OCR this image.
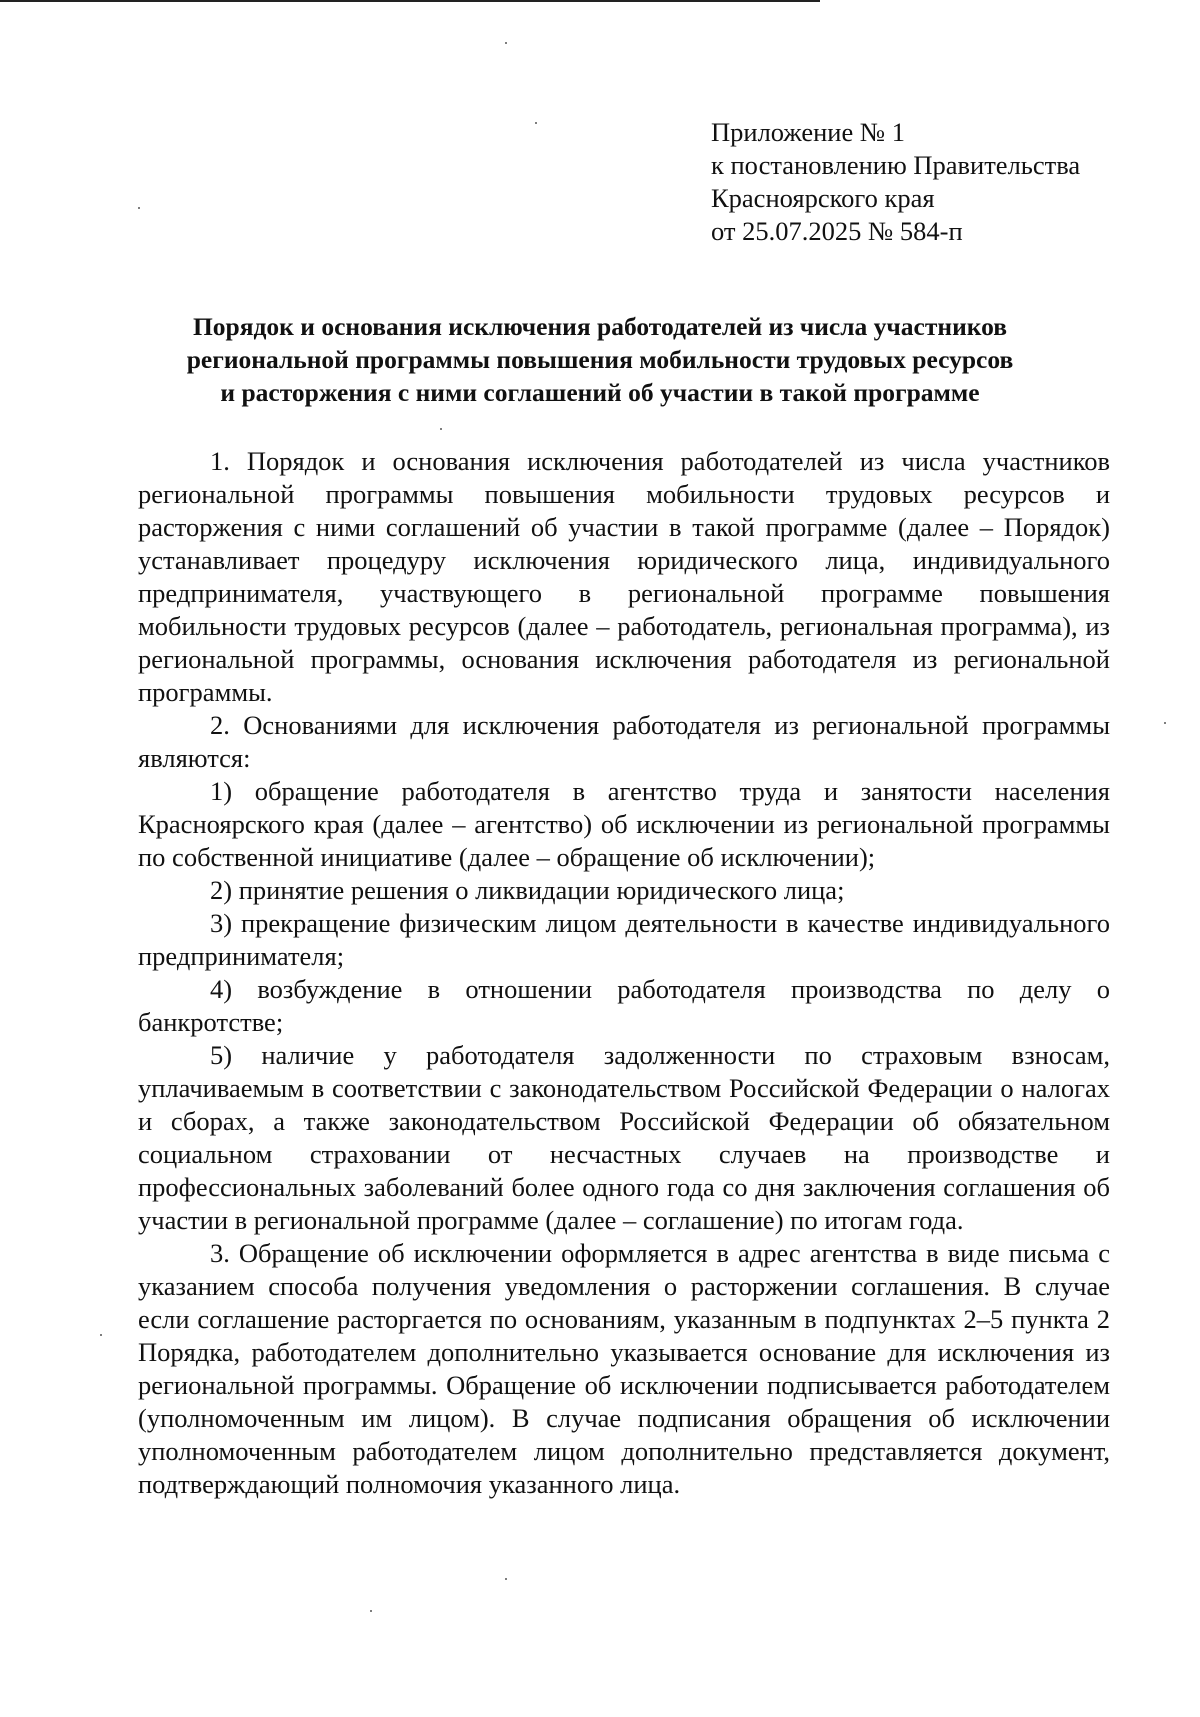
Приложение № 1
к постановлению Правительства
Красноярского края
от 25.07.2025 № 584-п
Порядок и основания исключения работодателей из числа участников
региональной программы повышения мобильности трудовых ресурсов
и расторжения с ними соглашений об участии в такой программе

1. Порядок и основания исключения работодателей из числа участников региональной программы повышения мобильности трудовых ресурсов и расторжения с ними соглашений об участии в такой программе (далее – Порядок) устанавливает процедуру исключения юридического лица, индивидуального предпринимателя, участвующего в региональной программе повышения мобильности трудовых ресурсов (далее – работодатель, региональная программа), из региональной программы, основания исключения работодателя из региональной программы.

2. Основаниями для исключения работодателя из региональной программы являются:

1) обращение работодателя в агентство труда и занятости населения Красноярского края (далее – агентство) об исключении из региональной программы по собственной инициативе (далее – обращение об исключении);

2) принятие решения о ликвидации юридического лица;

3) прекращение физическим лицом деятельности в качестве индивидуального предпринимателя;

4) возбуждение в отношении работодателя производства по делу о банкротстве;

5) наличие у работодателя задолженности по страховым взносам, уплачиваемым в соответствии с законодательством Российской Федерации о налогах и сборах, а также законодательством Российской Федерации об обязательном социальном страховании от несчастных случаев на производстве и профессиональных заболеваний более одного года со дня заключения соглашения об участии в региональной программе (далее – соглашение) по итогам года.

3. Обращение об исключении оформляется в адрес агентства в виде письма с указанием способа получения уведомления о расторжении соглашения. В случае если соглашение расторгается по основаниям, указанным в подпунктах 2–5 пункта 2 Порядка, работодателем дополнительно указывается основание для исключения из региональной программы. Обращение об исключении подписывается работодателем (уполномоченным им лицом). В случае подписания обращения об исключении уполномоченным работодателем лицом дополнительно представляется документ, подтверждающий полномочия указанного лица.
